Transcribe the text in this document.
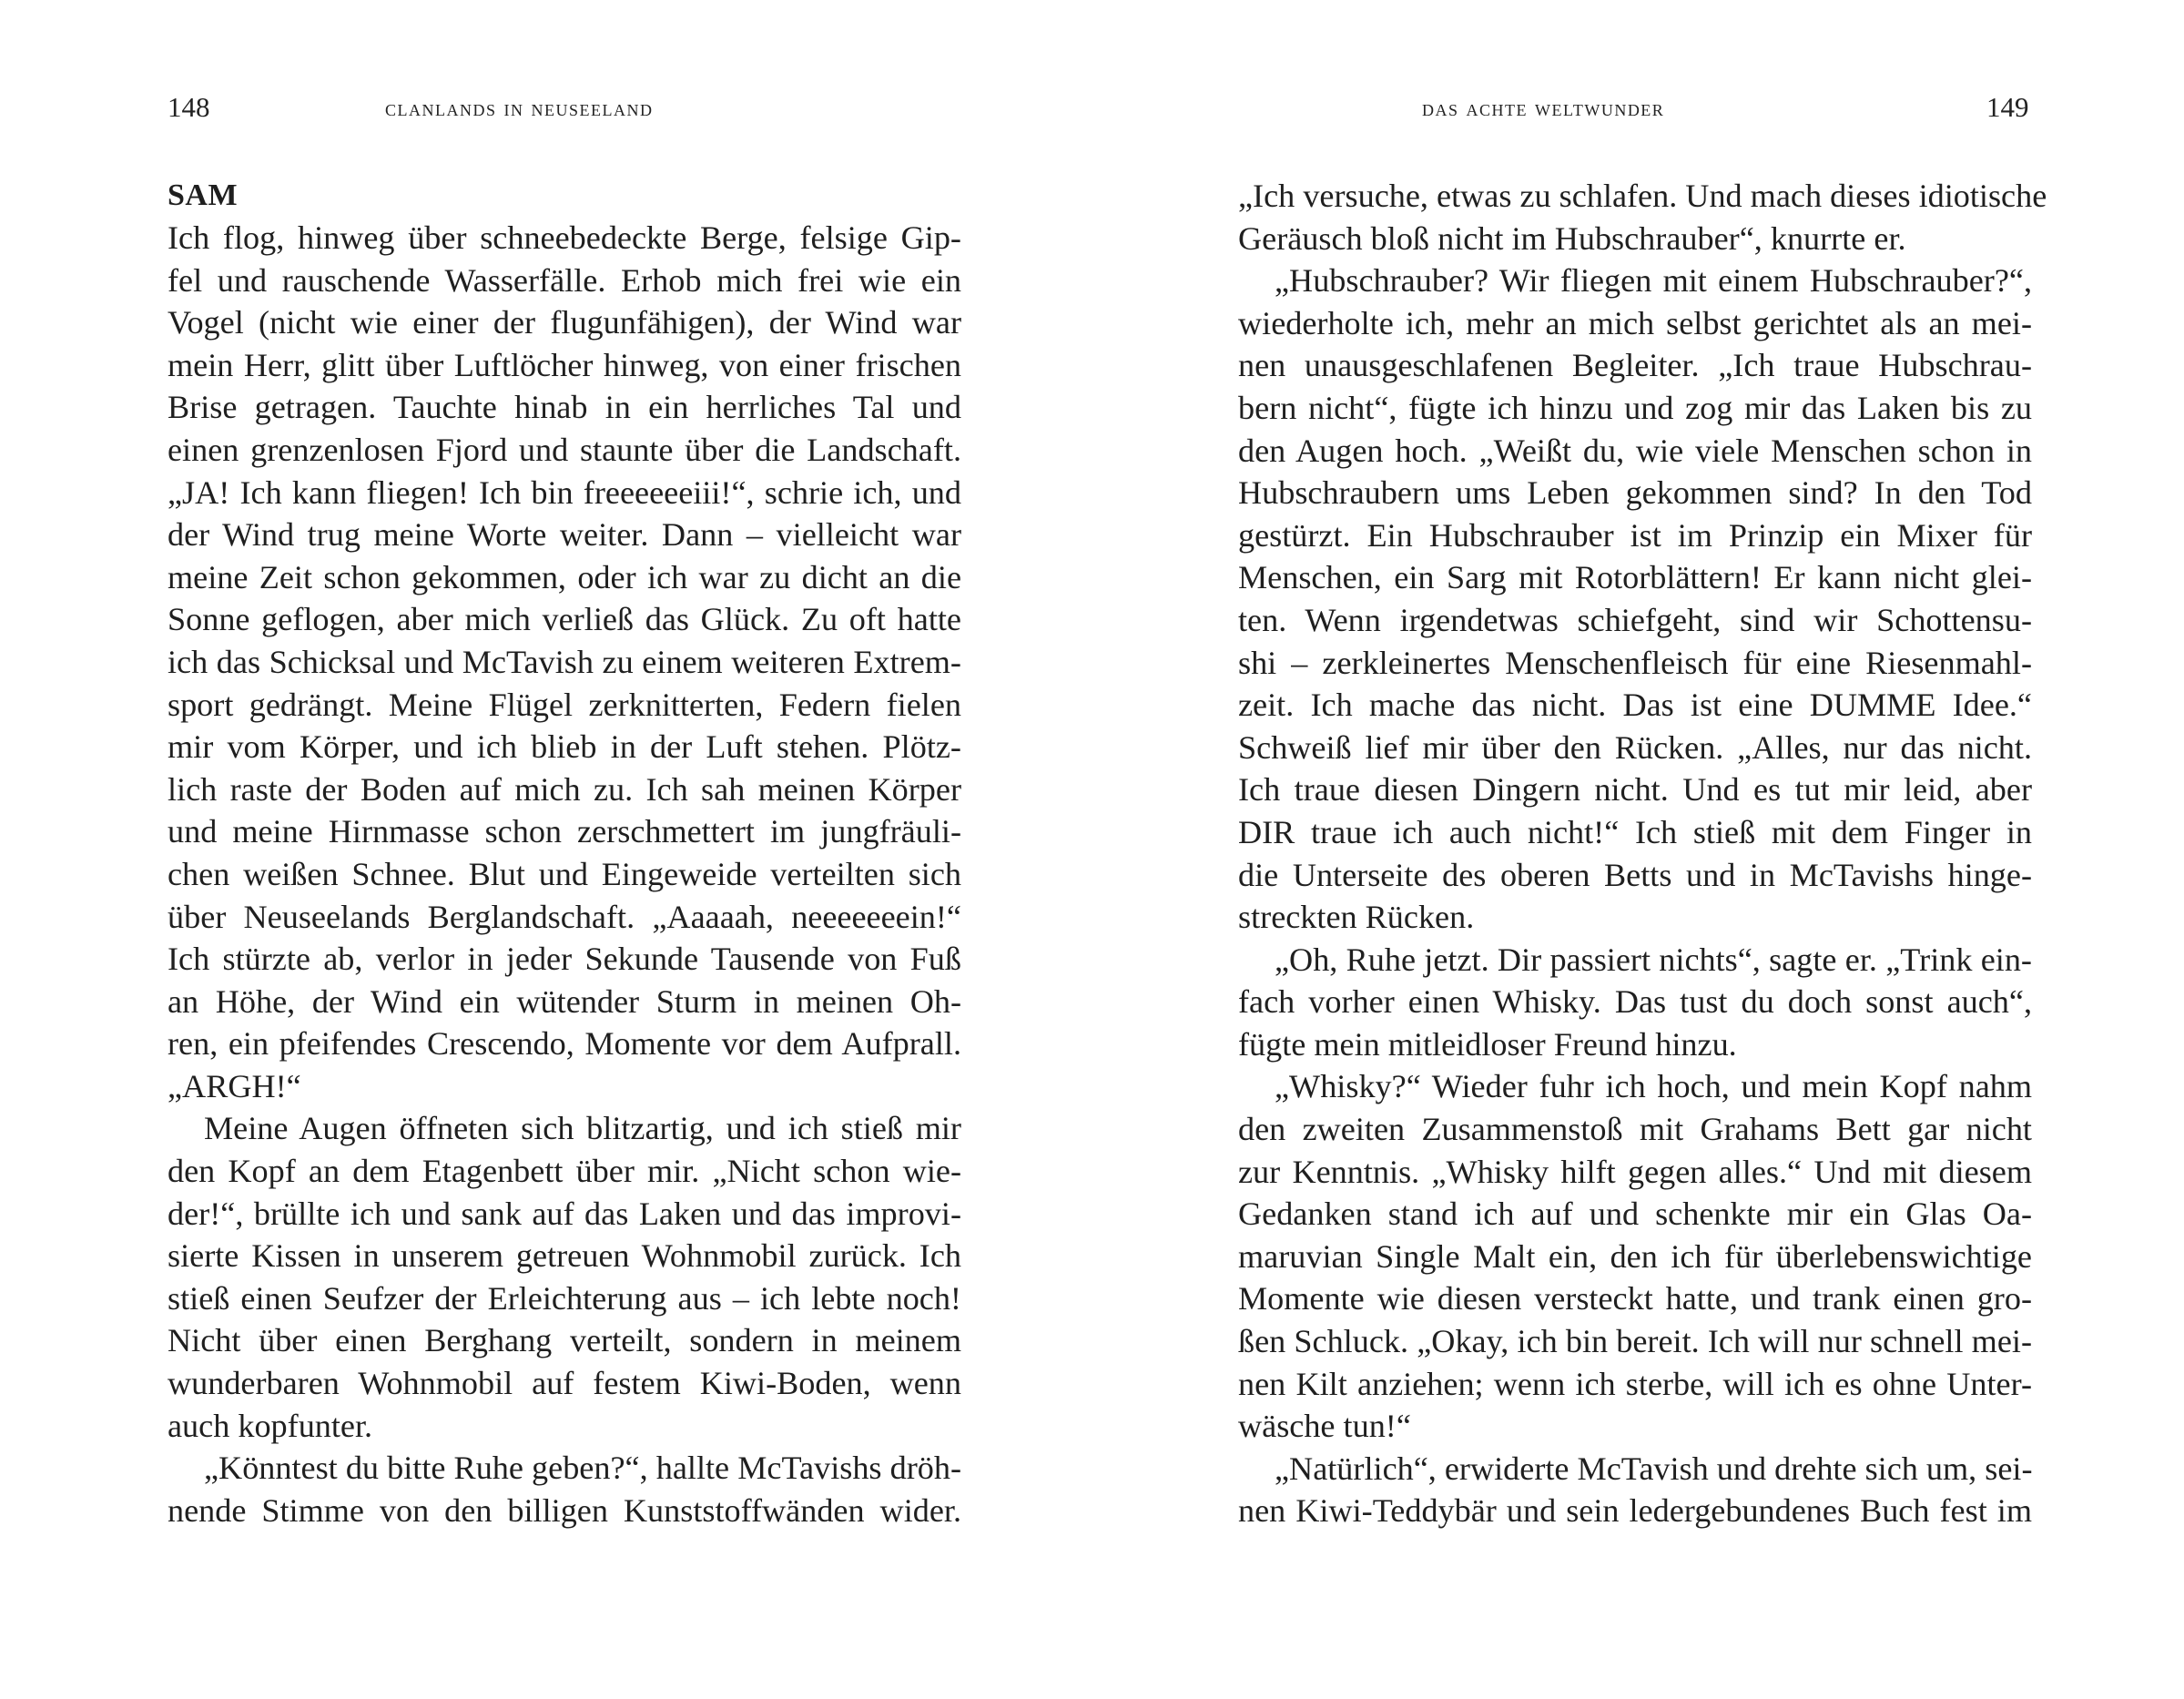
148	clanlands in neuseeland
SAM
Ich flog, hinweg über schneebedeckte Berge, felsige Gip-
fel und rauschende Wasserfälle. Erhob mich frei wie ein
Vogel (nicht wie einer der flugunfähigen), der Wind war
mein Herr, glitt über Luftlöcher hinweg, von einer frischen
Brise getragen. Tauchte hinab in ein herrliches Tal und
einen grenzenlosen Fjord und staunte über die Landschaft.
„JA! Ich kann fliegen! Ich bin freeeeeeiii!“, schrie ich, und
der Wind trug meine Worte weiter. Dann – vielleicht war
meine Zeit schon gekommen, oder ich war zu dicht an die
Sonne geflogen, aber mich verließ das Glück. Zu oft hatte
ich das Schicksal und McTavish zu einem weiteren Extrem-
sport gedrängt. Meine Flügel zerknitterten, Federn fielen
mir vom Körper, und ich blieb in der Luft stehen. Plötz-
lich raste der Boden auf mich zu. Ich sah meinen Körper
und meine Hirnmasse schon zerschmettert im jungfräuli-
chen weißen Schnee. Blut und Eingeweide verteilten sich
über Neuseelands Berglandschaft. „Aaaaah, neeeeeeein!“
Ich stürzte ab, verlor in jeder Sekunde Tausende von Fuß
an Höhe, der Wind ein wütender Sturm in meinen Oh-
ren, ein pfeifendes Crescendo, Momente vor dem Aufprall.
„ARGH!“
Meine Augen öffneten sich blitzartig, und ich stieß mir
den Kopf an dem Etagenbett über mir. „Nicht schon wie-
der!“, brüllte ich und sank auf das Laken und das improvi-
sierte Kissen in unserem getreuen Wohnmobil zurück. Ich
stieß einen Seufzer der Erleichterung aus – ich lebte noch!
Nicht über einen Berghang verteilt, sondern in meinem
wunderbaren Wohnmobil auf festem Kiwi-Boden, wenn
auch kopfunter.
„Könntest du bitte Ruhe geben?“, hallte McTavishs dröh-
nende Stimme von den billigen Kunststoffwänden wider.
das achte weltwunder	149
„Ich versuche, etwas zu schlafen. Und mach dieses idiotische
Geräusch bloß nicht im Hubschrauber“, knurrte er.
„Hubschrauber? Wir fliegen mit einem Hubschrauber?“,
wiederholte ich, mehr an mich selbst gerichtet als an mei-
nen unausgeschlafenen Begleiter. „Ich traue Hubschrau-
bern nicht“, fügte ich hinzu und zog mir das Laken bis zu
den Augen hoch. „Weißt du, wie viele Menschen schon in
Hubschraubern ums Leben gekommen sind? In den Tod
gestürzt. Ein Hubschrauber ist im Prinzip ein Mixer für
Menschen, ein Sarg mit Rotorblättern! Er kann nicht glei-
ten. Wenn irgendetwas schiefgeht, sind wir Schottensu-
shi – zerkleinertes Menschenfleisch für eine Riesenmahl-
zeit. Ich mache das nicht. Das ist eine DUMME Idee.“
Schweiß lief mir über den Rücken. „Alles, nur das nicht.
Ich traue diesen Dingern nicht. Und es tut mir leid, aber
DIR traue ich auch nicht!“ Ich stieß mit dem Finger in
die Unterseite des oberen Betts und in McTavishs hinge-
streckten Rücken.
„Oh, Ruhe jetzt. Dir passiert nichts“, sagte er. „Trink ein-
fach vorher einen Whisky. Das tust du doch sonst auch“,
fügte mein mitleidloser Freund hinzu.
„Whisky?“ Wieder fuhr ich hoch, und mein Kopf nahm
den zweiten Zusammenstoß mit Grahams Bett gar nicht
zur Kenntnis. „Whisky hilft gegen alles.“ Und mit diesem
Gedanken stand ich auf und schenkte mir ein Glas Oa-
maruvian Single Malt ein, den ich für überlebenswichtige
Momente wie diesen versteckt hatte, und trank einen gro-
ßen Schluck. „Okay, ich bin bereit. Ich will nur schnell mei-
nen Kilt anziehen; wenn ich sterbe, will ich es ohne Unter-
wäsche tun!“
„Natürlich“, erwiderte McTavish und drehte sich um, sei-
nen Kiwi-Teddybär und sein ledergebundenes Buch fest im
